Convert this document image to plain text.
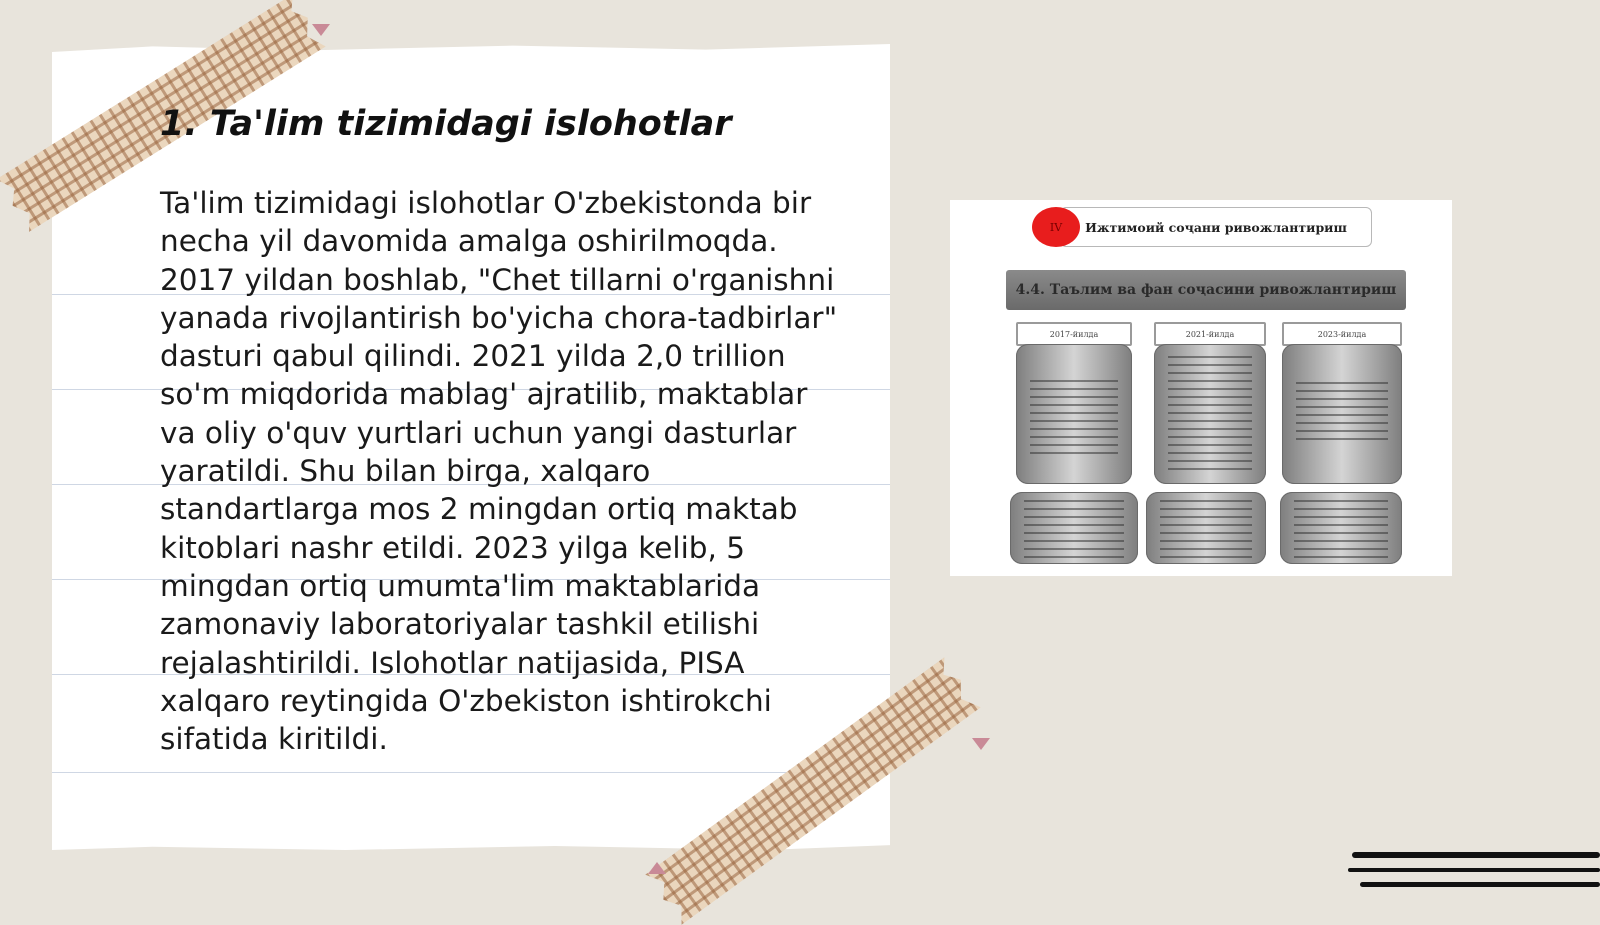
1. Ta'lim tizimidagi islohotlar

Ta'lim tizimidagi islohotlar O'zbekistonda bir necha yil davomida amalga oshirilmoqda. 2017 yildan boshlab, "Chet tillarni o'rganishni yanada rivojlantirish bo'yicha chora-tadbirlar" dasturi qabul qilindi. 2021 yilda 2,0 trillion so'm miqdorida mablag' ajratilib, maktablar va oliy o'quv yurtlari uchun yangi dasturlar yaratildi. Shu bilan birga, xalqaro standartlarga mos 2 mingdan ortiq maktab kitoblari nashr etildi. 2023 yilga kelib, 5 mingdan ortiq umumta'lim maktablarida zamonaviy laboratoriyalar tashkil etilishi rejalashtirildi. Islohotlar natijasida, PISA xalqaro reytingida O'zbekiston ishtirokchi sifatida kiritildi.

Ижтимоий соҷани ривожлантириш
IV
4.4. Таълим ва фан соҷасини ривожлантириш
2017-йилда	2021-йилда	2023-йилда
